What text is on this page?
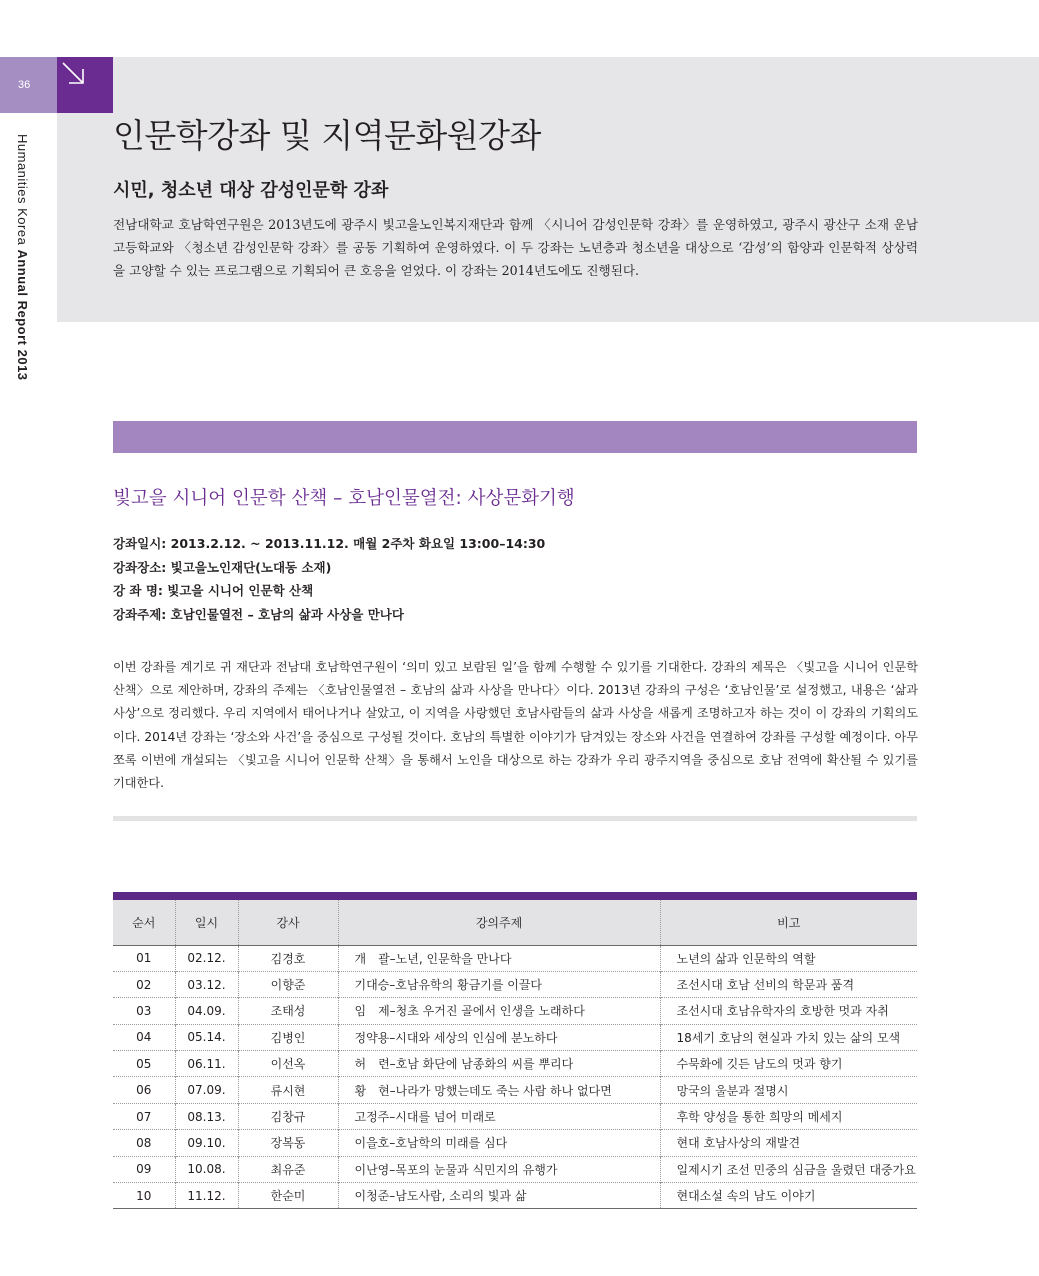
36
Humanities Korea Annual Report 2013
인문학강좌 및 지역문화원강좌
시민, 청소년 대상 감성인문학 강좌

전남대학교 호남학연구원은 2013년도에 광주시 빛고을노인복지재단과 함께 〈시니어 감성인문학 강좌〉를 운영하였고, 광주시 광산구 소재 운남고등학교와 〈청소년 감성인문학 강좌〉를 공동 기획하여 운영하였다. 이 두 강좌는 노년층과 청소년을 대상으로 ‘감성’의 함양과 인문학적 상상력을 고양할 수 있는 프로그램으로 기획되어 큰 호응을 얻었다. 이 강좌는 2014년도에도 진행된다.

빛고을 시니어 인문학 산책 – 호남인물열전: 사상문화기행
강좌일시: 2013.2.12. ~ 2013.11.12. 매월 2주차 화요일 13:00–14:30
강좌장소: 빛고을노인재단(노대동 소재)
강 좌 명: 빛고을 시니어 인문학 산책
강좌주제: 호남인물열전 – 호남의 삶과 사상을 만나다

이번 강좌를 계기로 귀 재단과 전남대 호남학연구원이 ‘의미 있고 보람된 일’을 함께 수행할 수 있기를 기대한다. 강좌의 제목은 〈빛고을 시니어 인문학 산책〉으로 제안하며, 강좌의 주제는 〈호남인물열전 – 호남의 삶과 사상을 만나다〉이다. 2013년 강좌의 구성은 ‘호남인물’로 설정했고, 내용은 ‘삶과 사상’으로 정리했다. 우리 지역에서 태어나거나 살았고, 이 지역을 사랑했던 호남사람들의 삶과 사상을 새롭게 조명하고자 하는 것이 이 강좌의 기획의도이다. 2014년 강좌는 ‘장소와 사건’을 중심으로 구성될 것이다. 호남의 특별한 이야기가 담겨있는 장소와 사건을 연결하여 강좌를 구성할 예정이다. 아무쪼록 이번에 개설되는 〈빛고을 시니어 인문학 산책〉을 통해서 노인을 대상으로 하는 강좌가 우리 광주지역을 중심으로 호남 전역에 확산될 수 있기를 기대한다.

순서	일시	강사	강의주제	비고
01	02.12.	김경호	개　괄–노년, 인문학을 만나다	노년의 삶과 인문학의 역할
02	03.12.	이향준	기대승–호남유학의 황금기를 이끌다	조선시대 호남 선비의 학문과 품격
03	04.09.	조태성	임　제–청초 우거진 골에서 인생을 노래하다	조선시대 호남유학자의 호방한 멋과 자취
04	05.14.	김병인	정약용–시대와 세상의 인심에 분노하다	18세기 호남의 현실과 가치 있는 삶의 모색
05	06.11.	이선옥	허　련–호남 화단에 남종화의 씨를 뿌리다	수묵화에 깃든 남도의 멋과 향기
06	07.09.	류시현	황　현–나라가 망했는데도 죽는 사람 하나 없다면	망국의 울분과 절명시
07	08.13.	김창규	고정주–시대를 넘어 미래로	후학 양성을 통한 희망의 메세지
08	09.10.	장복동	이을호–호남학의 미래를 심다	현대 호남사상의 재발견
09	10.08.	최유준	이난영–목포의 눈물과 식민지의 유행가	일제시기 조선 민중의 심금을 울렸던 대중가요
10	11.12.	한순미	이청준–남도사람, 소리의 빛과 삶	현대소설 속의 남도 이야기
